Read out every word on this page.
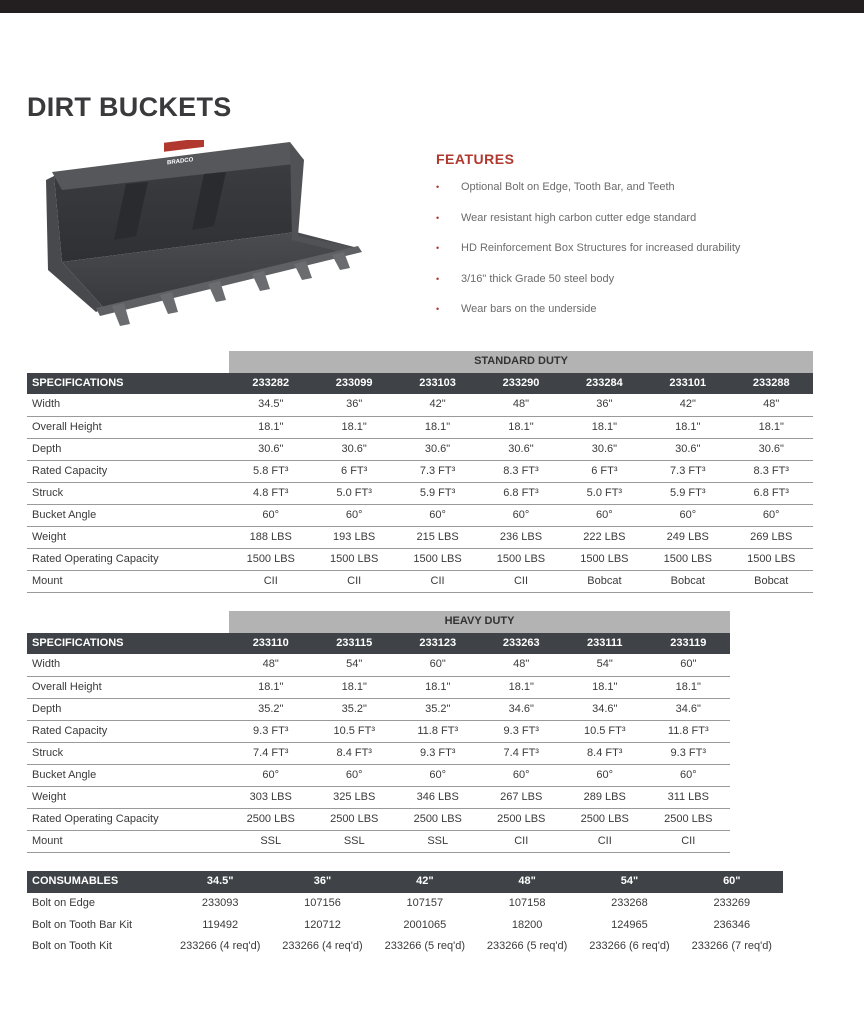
DIRT BUCKETS
BRADCO	FEATURES
•	Optional Bolt on Edge, Tooth Bar, and Teeth
•	Wear resistant high carbon cutter edge standard
•	HD Reinforcement Box Structures for increased durability
•	3/16" thick Grade 50 steel body
•	Wear bars on the underside
	STANDARD DUTY						
SPECIFICATIONS	233282	233099	233103	233290	233284	233101	233288
Width	34.5"	36"	42"	48"	36"	42"	48"
Overall Height	18.1"	18.1"	18.1"	18.1"	18.1"	18.1"	18.1"
Depth	30.6"	30.6"	30.6"	30.6"	30.6"	30.6"	30.6"
Rated Capacity	5.8 FT³	6 FT³	7.3 FT³	8.3 FT³	6 FT³	7.3 FT³	8.3 FT³
Struck	4.8 FT³	5.0 FT³	5.9 FT³	6.8 FT³	5.0 FT³	5.9 FT³	6.8 FT³
Bucket Angle	60°	60°	60°	60°	60°	60°	60°
Weight	188 LBS	193 LBS	215 LBS	236 LBS	222 LBS	249 LBS	269 LBS
Rated Operating Capacity	1500 LBS	1500 LBS	1500 LBS	1500 LBS	1500 LBS	1500 LBS	1500 LBS
Mount	CII	CII	CII	CII	Bobcat	Bobcat	Bobcat
	HEAVY DUTY					
SPECIFICATIONS	233110	233115	233123	233263	233111	233119
Width	48"	54"	60"	48"	54"	60"
Overall Height	18.1"	18.1"	18.1"	18.1"	18.1"	18.1"
Depth	35.2"	35.2"	35.2"	34.6"	34.6"	34.6"
Rated Capacity	9.3 FT³	10.5 FT³	11.8 FT³	9.3 FT³	10.5 FT³	11.8 FT³
Struck	7.4 FT³	8.4 FT³	9.3 FT³	7.4 FT³	8.4 FT³	9.3 FT³
Bucket Angle	60°	60°	60°	60°	60°	60°
Weight	303 LBS	325 LBS	346 LBS	267 LBS	289 LBS	311 LBS
Rated Operating Capacity	2500 LBS	2500 LBS	2500 LBS	2500 LBS	2500 LBS	2500 LBS
Mount	SSL	SSL	SSL	CII	CII	CII
CONSUMABLES	34.5"	36"	42"	48"	54"	60"
Bolt on Edge	233093	107156	107157	107158	233268	233269
Bolt on Tooth Bar Kit	119492	120712	2001065	18200	124965	236346
Bolt on Tooth Kit	233266 (4 req'd)	233266 (4 req'd)	233266 (5 req'd)	233266 (5 req'd)	233266 (6 req'd)	233266 (7 req'd)
